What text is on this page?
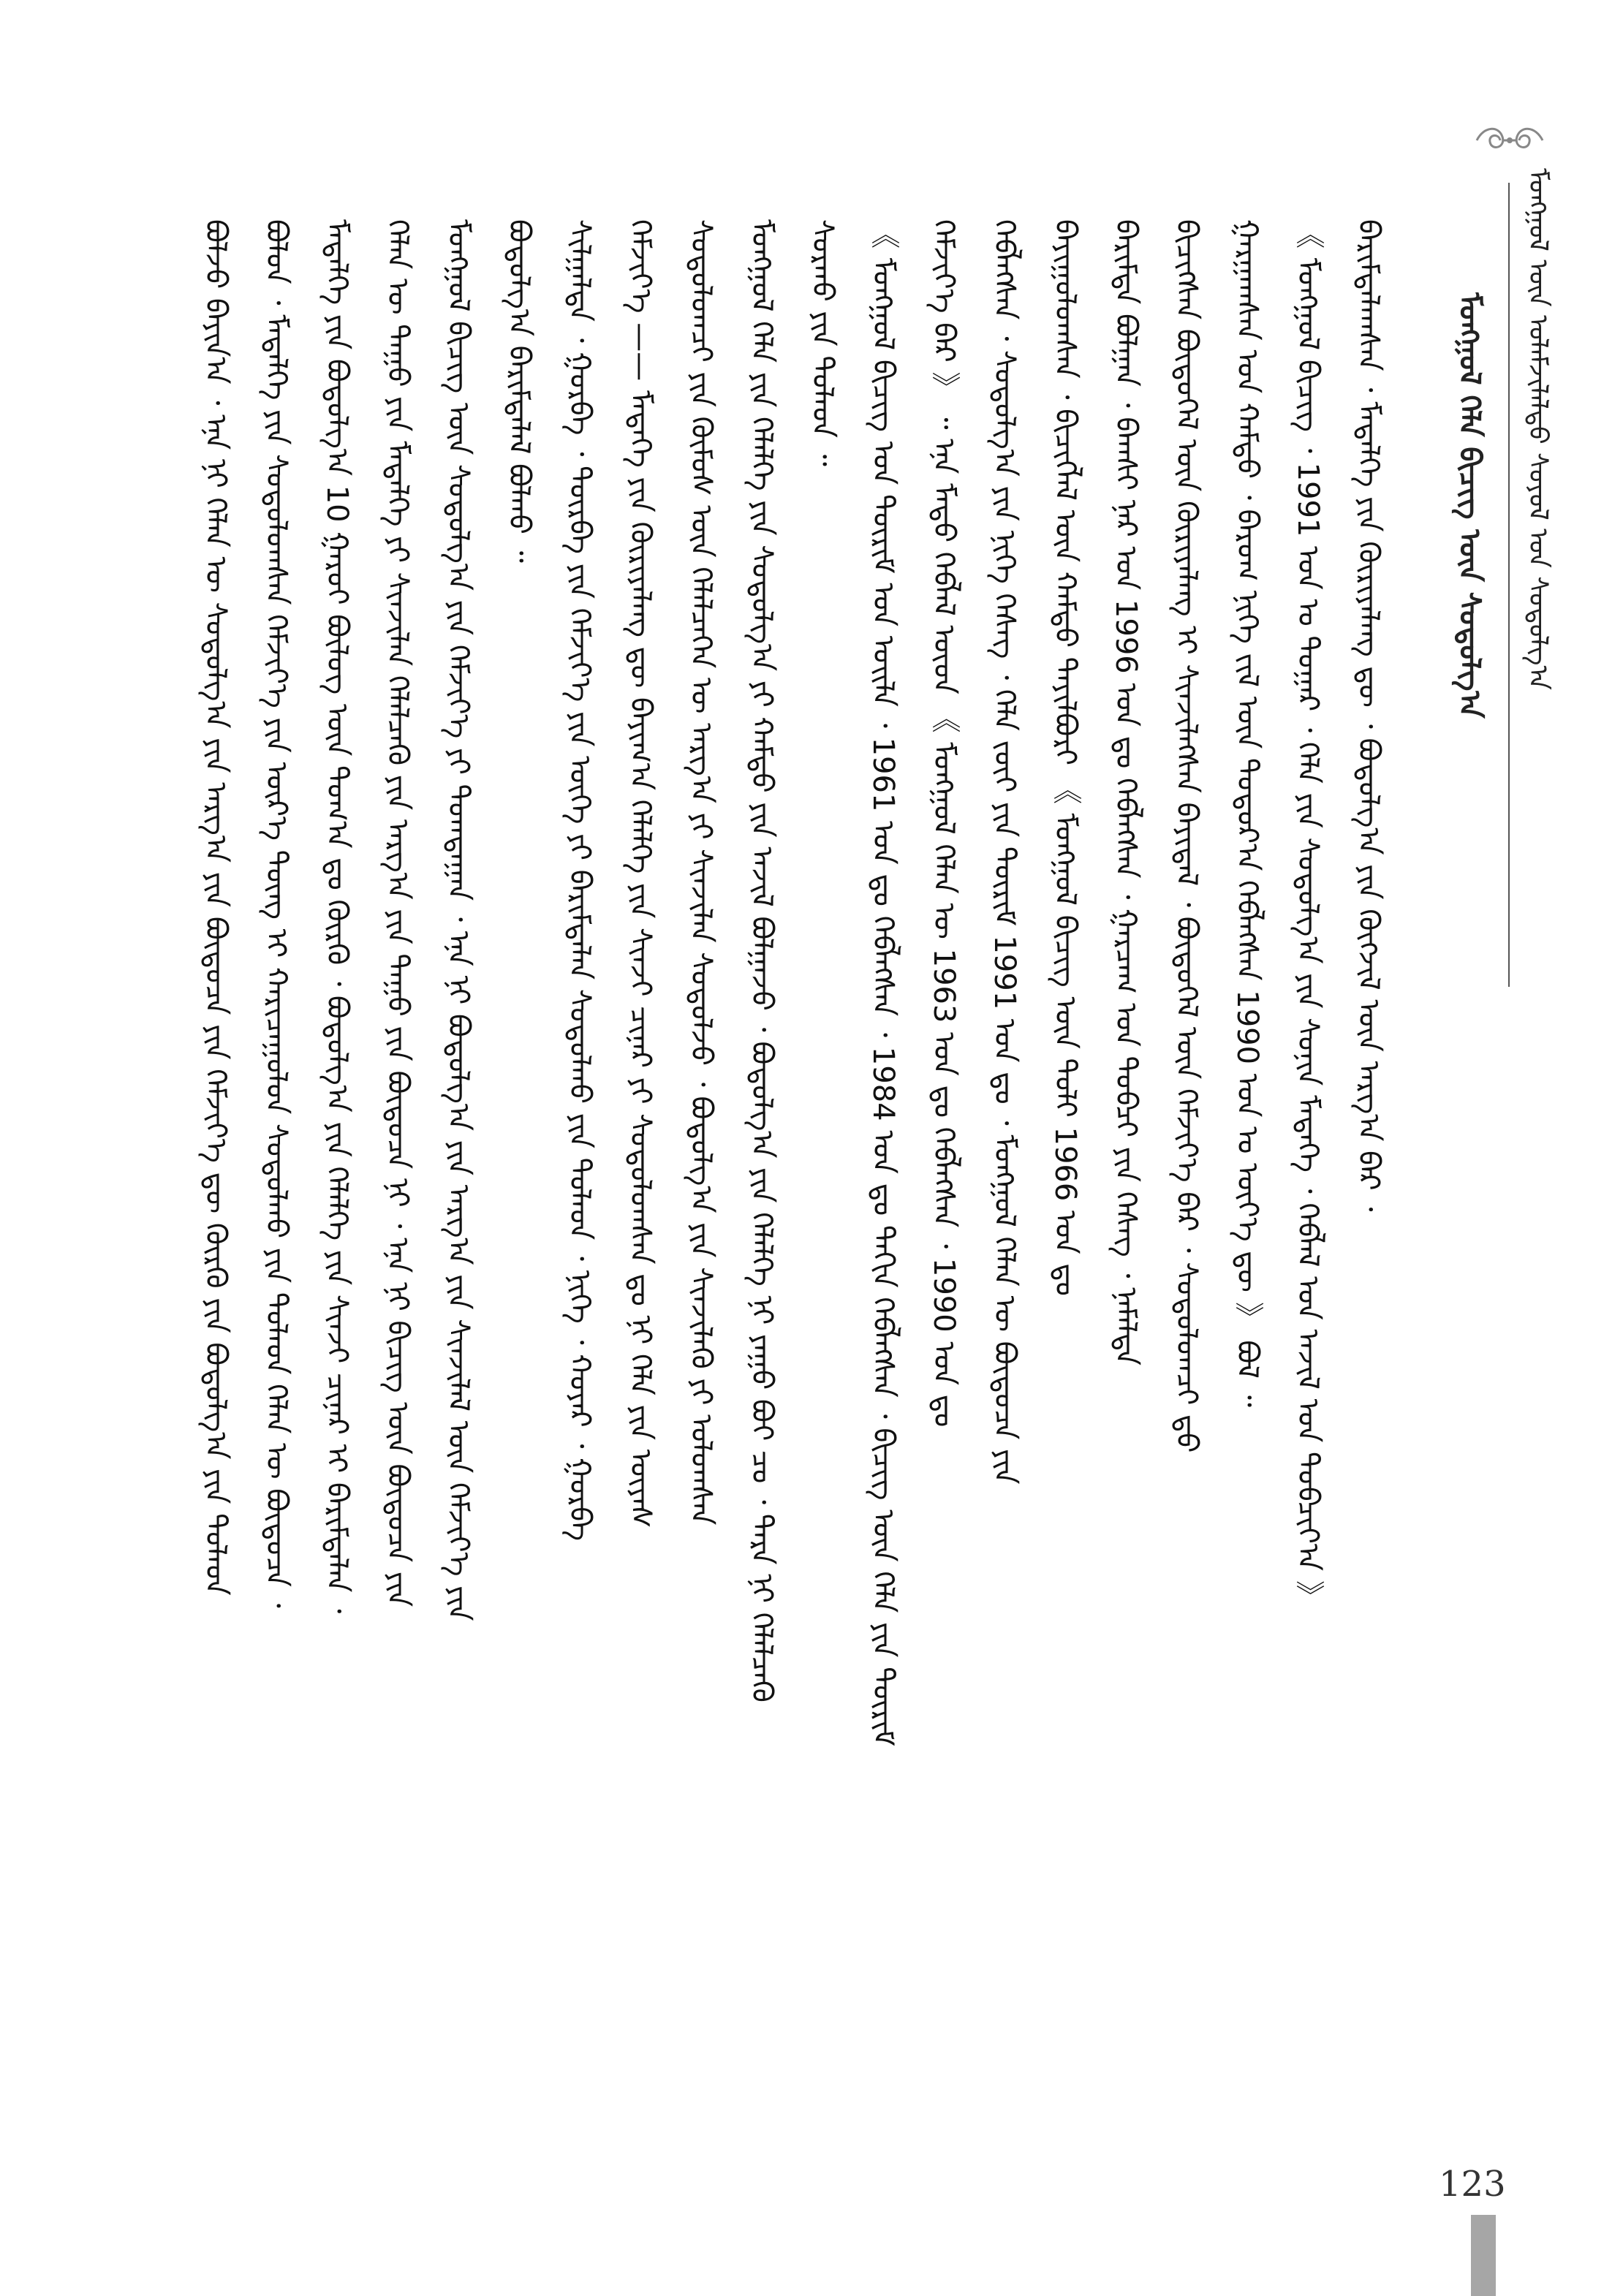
ᠮᠣᠩᠭᠣᠯ ᠦᠨ ᠤᠯᠠᠮᠵᠢᠯᠠᠯᠲᠤ ᠰᠣᠶᠣᠯ ᠤᠨ ᠰᠤᠳᠤᠯᠭ᠎ᠠ
ᠮᠣᠩᠭᠣᠯ ᠬᠡᠯᠡ ᠪᠢᠴᠢᠭ ᠦᠨ ᠰᠤᠳᠤᠯᠭ᠎ᠠ
ᠪᠠᠷᠢᠮᠲᠠᠯᠠᠭᠰᠠᠨ ᠂ ᠮᠡᠳᠡᠯᠭᠡ ᠶᠢᠨ ᠬᠦᠷᠢᠶᠡᠯᠡᠩ ᠳᠦ ᠂ ᠪᠣᠳᠣᠯᠭ᠎ᠠ ᠶᠢᠨ ᠬᠥᠭᠵᠢᠯ ᠦᠨ ᠠᠷᠭ᠎ᠠ ᠪᠠᠷ ᠂
《 ᠮᠣᠩᠭᠣᠯ ᠪᠢᠴᠢᠭ ᠂ 1991 ᠣᠨ ᠤ ᠳᠤᠭᠠᠷ ᠂ ᠬᠡᠯᠡ ᠶᠢᠨ ᠰᠤᠳᠤᠯᠭ᠎ᠠ ᠶᠢᠨ ᠰᠣᠨᠢᠨ ᠮᠡᠳᠡᠭᠡ ᠂ ᠬᠡᠪᠯᠡᠯ ᠤᠨ ᠠᠵᠢᠯ ᠤᠨ ᠲᠣᠪᠴᠢᠶ᠎ᠠ 》
ᠭᠠᠷᠭᠠᠭᠰᠠᠨ ᠤᠨ ᠬᠠᠮᠲᠤ ᠂ ᠪᠠᠷᠤᠭ ᠨᠢᠭᠡ ᠵᠢᠯ ᠦᠨ ᠳᠣᠲᠣᠷ᠎ᠠ ᠬᠡᠪᠯᠡᠭᠰᠡᠨ 1990 ᠣᠨ ᠤ ᠦᠶ᠎ᠡ ᠳᠦ 》 ᠪᠣᠯ ᠃
ᠪᠢᠴᠢᠭᠰᠡᠨ ᠪᠦᠲᠦᠭᠡᠯ ᠦᠨ ᠬᠦᠷᠢᠶᠡᠯᠡᠩ ᠢ ᠰᠢᠨᠵᠢᠯᠡᠭᠰᠡᠨ ᠪᠠᠶᠢᠳᠠᠯ ᠂ ᠪᠦᠲᠦᠭᠡᠯ ᠦᠨ ᠬᠡᠮᠵᠢᠶ᠎ᠡ ᠪᠡᠷ ᠂ ᠰᠤᠳᠤᠯᠤᠭᠴᠢ ᠳ᠋ᠤ
ᠪᠠᠷᠢᠮᠲᠠ ᠪᠣᠯᠭᠠᠨ ᠂ ᠪᠠᠭᠰᠢ ᠨᠠᠷ ᠤᠨ 1996 ᠣᠨ ᠳᠤ ᠬᠡᠪᠯᠡᠭᠰᠡᠨ ᠂ ᠭᠠᠷᠴᠠᠭ ᠤᠨ ᠲᠣᠪᠴᠢ ᠶᠢᠨ ᠬᠡᠰᠡᠭ ᠂ ᠨᠡᠮᠡᠯᠲᠡ
ᠪᠠᠶᠢᠭᠤᠯᠤᠭᠰᠠᠨ ᠂ ᠪᠢᠴᠢᠭᠯᠡᠯ ᠦᠨ ᠬᠠᠮᠲᠤ ᠲᠠᠶᠢᠯᠪᠤᠷᠢ 《 ᠮᠣᠩᠭᠣᠯ ᠪᠢᠴᠢᠭ ᠦᠨ ᠲᠣᠯᠢ 1966 ᠣᠨ ᠳᠤ
ᠬᠡᠪᠯᠡᠭᠰᠡᠨ ᠂ ᠰᠤᠳᠤᠯᠭ᠎ᠠ ᠶᠢᠨ ᠨᠢᠭᠡ ᠬᠡᠰᠡᠭ ᠂ ᠬᠡᠯᠡ ᠵᠦᠢ ᠶᠢᠨ ᠳᠦᠷᠢᠮ 1991 ᠣᠨ ᠳᠤ ᠂ ᠮᠣᠩᠭᠣᠯ ᠬᠡᠯᠡᠨ ᠦ ᠪᠦᠲᠦᠴᠡ ᠶᠢᠨ
ᠬᠡᠮᠵᠢᠶ᠎ᠡ ᠪᠡᠷ 》 ᠃ ᠡᠨᠡ ᠮᠡᠲᠦ ᠬᠡᠪᠯᠡᠯ ᠦᠳ 《 ᠮᠣᠩᠭᠣᠯ ᠬᠡᠯᠡᠨ ᠦ 1963 ᠣᠨ ᠳᠤ ᠬᠡᠪᠯᠡᠭᠰᠡᠨ ᠂ 1990 ᠣᠨ ᠳᠤ
《 ᠮᠣᠩᠭᠣᠯ ᠪᠢᠴᠢᠭ ᠤᠨ ᠳᠦᠷᠢᠮ ᠤᠨ ᠤᠢᠯᠡ ᠂ 1961 ᠣᠨ ᠳᠤ ᠬᠡᠪᠯᠡᠭᠰᠡᠨ ᠂ 1984 ᠣᠨ ᠳᠤ ᠳᠠᠬᠢᠨ ᠬᠡᠪᠯᠡᠭᠰᠡᠨ ᠂ ᠪᠢᠴᠢᠭ ᠦᠨ ᠬᠡᠯᠡ ᠶᠢᠨ ᠳᠦᠷᠢᠮ
ᠰᠤᠷᠬᠤ ᠶᠢᠨ ᠲᠤᠯᠠᠳ ᠃
ᠮᠣᠩᠭᠣᠯ ᠬᠡᠯᠡ ᠶᠢᠨ ᠬᠡᠯᠡᠯᠭᠡ ᠶᠢᠨ ᠰᠤᠳᠤᠯᠭ᠎ᠠ ᠶᠢ ᠬᠠᠮᠲᠤ ᠶᠢᠨ ᠠᠵᠢᠯ ᠪᠣᠯᠭᠠᠵᠤ ᠂ ᠪᠣᠳᠣᠯᠭ᠎ᠠ ᠶᠢᠨ ᠬᠡᠯᠡᠯᠭᠡ ᠨᠢ ᠶᠠᠭᠤ ᠪᠤᠢ ᠴᠤ ᠂ ᠲᠡᠷᠡ ᠨᠢ ᠬᠡᠯᠡᠯᠴᠡᠬᠦ
ᠰᠤᠳᠤᠯᠤᠭᠴᠢ ᠶᠢᠨ ᠬᠦᠮᠦᠰ ᠦᠨ ᠬᠡᠯᠡᠯᠴᠡᠭᠡᠨ ᠦ ᠠᠷᠭ᠎ᠠ ᠶᠢ ᠰᠢᠨᠵᠢᠯᠡᠨ ᠰᠤᠳᠤᠯᠵᠤ ᠂ ᠪᠣᠳᠣᠯᠭ᠎ᠠ ᠶᠢᠨ ᠰᠢᠨᠵᠢᠯᠡᠬᠦ ᠶᠢ ᠣᠯᠤᠭᠰᠠᠨ
ᠬᠡᠮᠵᠢᠶ᠎ᠡ —— ᠮᠡᠳᠡᠭᠡ ᠶᠢᠨ ᠬᠦᠷᠢᠶᠡᠯᠡᠩ ᠳᠦ ᠪᠠᠶᠢᠭ᠎ᠠ ᠬᠡᠯᠡᠯᠭᠡ ᠶᠢᠨ ᠰᠢᠨᠵᠢ ᠴᠢᠨᠠᠷ ᠶᠢ ᠰᠤᠳᠤᠯᠤᠭᠰᠠᠨ ᠳᠤ ᠨᠢ ᠬᠡᠯᠡ ᠶᠢᠨ ᠦᠶᠡᠰ
ᠰᠢᠯᠭᠠᠯᠲᠠ ᠂ ᠭᠤᠷᠪᠠ ᠂ ᠳᠥᠷᠪᠡ ᠶᠢᠨ ᠬᠡᠮᠵᠢᠶ᠎ᠡ ᠶᠢᠨ ᠦᠭᠡ ᠶᠢ ᠪᠠᠷᠢᠮᠲᠠᠯᠠᠨ ᠰᠤᠳᠤᠯᠬᠤ ᠶᠢᠨ ᠲᠤᠯᠠᠳ ᠂ ᠨᠢᠭᠡ ᠂ ᠬᠣᠶᠠᠷ ᠂ ᠭᠤᠷᠪᠠ
ᠪᠣᠳᠣᠯᠭ᠎ᠠ ᠪᠠᠷᠢᠮᠲᠠᠯᠠᠯ ᠪᠣᠯᠬᠤ ᠃
ᠮᠣᠩᠭᠣᠯ ᠪᠢᠴᠢᠭ ᠦᠨ ᠰᠤᠳᠤᠯᠭ᠎ᠠ ᠶᠢᠨ ᠬᠡᠮᠵᠢᠶ᠎ᠡ ᠶᠢ ᠲᠣᠭᠲᠠᠭᠠᠨ ᠂ ᠡᠨᠡ ᠨᠢ ᠪᠣᠳᠣᠯᠭ᠎ᠠ ᠶᠢᠨ ᠠᠷᠭ᠎ᠠ ᠶᠢᠨ ᠰᠢᠨᠵᠢᠯᠡᠯ ᠦᠨ ᠬᠡᠮᠵᠢᠶ᠎ᠡ ᠶᠢᠨ
ᠬᠡᠯᠡᠨ ᠦ ᠳᠠᠭᠤ ᠶᠢᠨ ᠮᠡᠳᠡᠯᠭᠡ ᠶᠢ ᠰᠢᠨᠵᠢᠯᠡᠨ ᠬᠡᠯᠡᠯᠴᠡᠬᠦ ᠶᠢᠨ ᠠᠷᠭ᠎ᠠ ᠶᠢᠨ ᠳᠠᠭᠤ ᠶᠢᠨ ᠪᠦᠲᠦᠴᠡ ᠨᠢ ᠂ ᠡᠨᠡ ᠨᠢ ᠪᠢᠴᠢᠭ ᠦᠨ ᠪᠦᠲᠦᠴᠡ ᠶᠢᠨ
ᠮᠡᠳᠡᠯᠭᠡ ᠶᠢᠨ ᠪᠣᠳᠣᠯᠭ᠎ᠠ 10 ᠭᠠᠷᠤᠶ ᠪᠦᠯᠦᠭ ᠦᠨ ᠲᠣᠭ᠎ᠠ ᠳᠤ ᠬᠦᠷᠬᠦ ᠂ ᠪᠣᠳᠣᠯᠭ᠎ᠠ ᠶᠢᠨ ᠬᠡᠯᠡᠯᠭᠡ ᠶᠢᠨ ᠰᠢᠨᠵᠢ ᠴᠢᠨᠠᠷ ᠢ ᠪᠠᠷᠢᠮᠲᠠᠯᠠᠨ ᠂
ᠪᠣᠯᠤᠨ ᠂ ᠮᠡᠳᠡᠯᠭᠡ ᠶᠢᠨ ᠰᠤᠳᠤᠯᠤᠭᠰᠠᠨ ᠬᠡᠮᠵᠢᠶ᠎ᠡ ᠶᠢᠨ ᠦᠷ᠎ᠡ ᠳᠦᠩ ᠢ ᠬᠠᠷᠢᠴᠠᠭᠤᠯᠤᠨ ᠰᠤᠳᠤᠯᠬᠤ ᠶᠢᠨ ᠲᠤᠯᠠᠳ ᠬᠡᠯᠡᠨ ᠦ ᠪᠦᠲᠦᠴᠡ ᠂
ᠪᠣᠯᠵᠤ ᠪᠠᠶᠢᠨ᠎ᠠ ᠂ ᠡᠨᠡ ᠨᠢ ᠬᠡᠯᠡᠨ ᠦ ᠰᠤᠳᠤᠯᠭ᠎ᠠ ᠶᠢᠨ ᠠᠷᠭ᠎ᠠ ᠶᠢᠨ ᠪᠦᠲᠦᠴᠡ ᠶᠢᠨ ᠬᠡᠮᠵᠢᠶ᠎ᠡ ᠳᠦ ᠬᠦᠷᠬᠦ ᠶᠢᠨ ᠪᠣᠳᠣᠯᠭ᠎ᠠ ᠶᠢᠨ ᠲᠤᠯᠠᠳ
123
